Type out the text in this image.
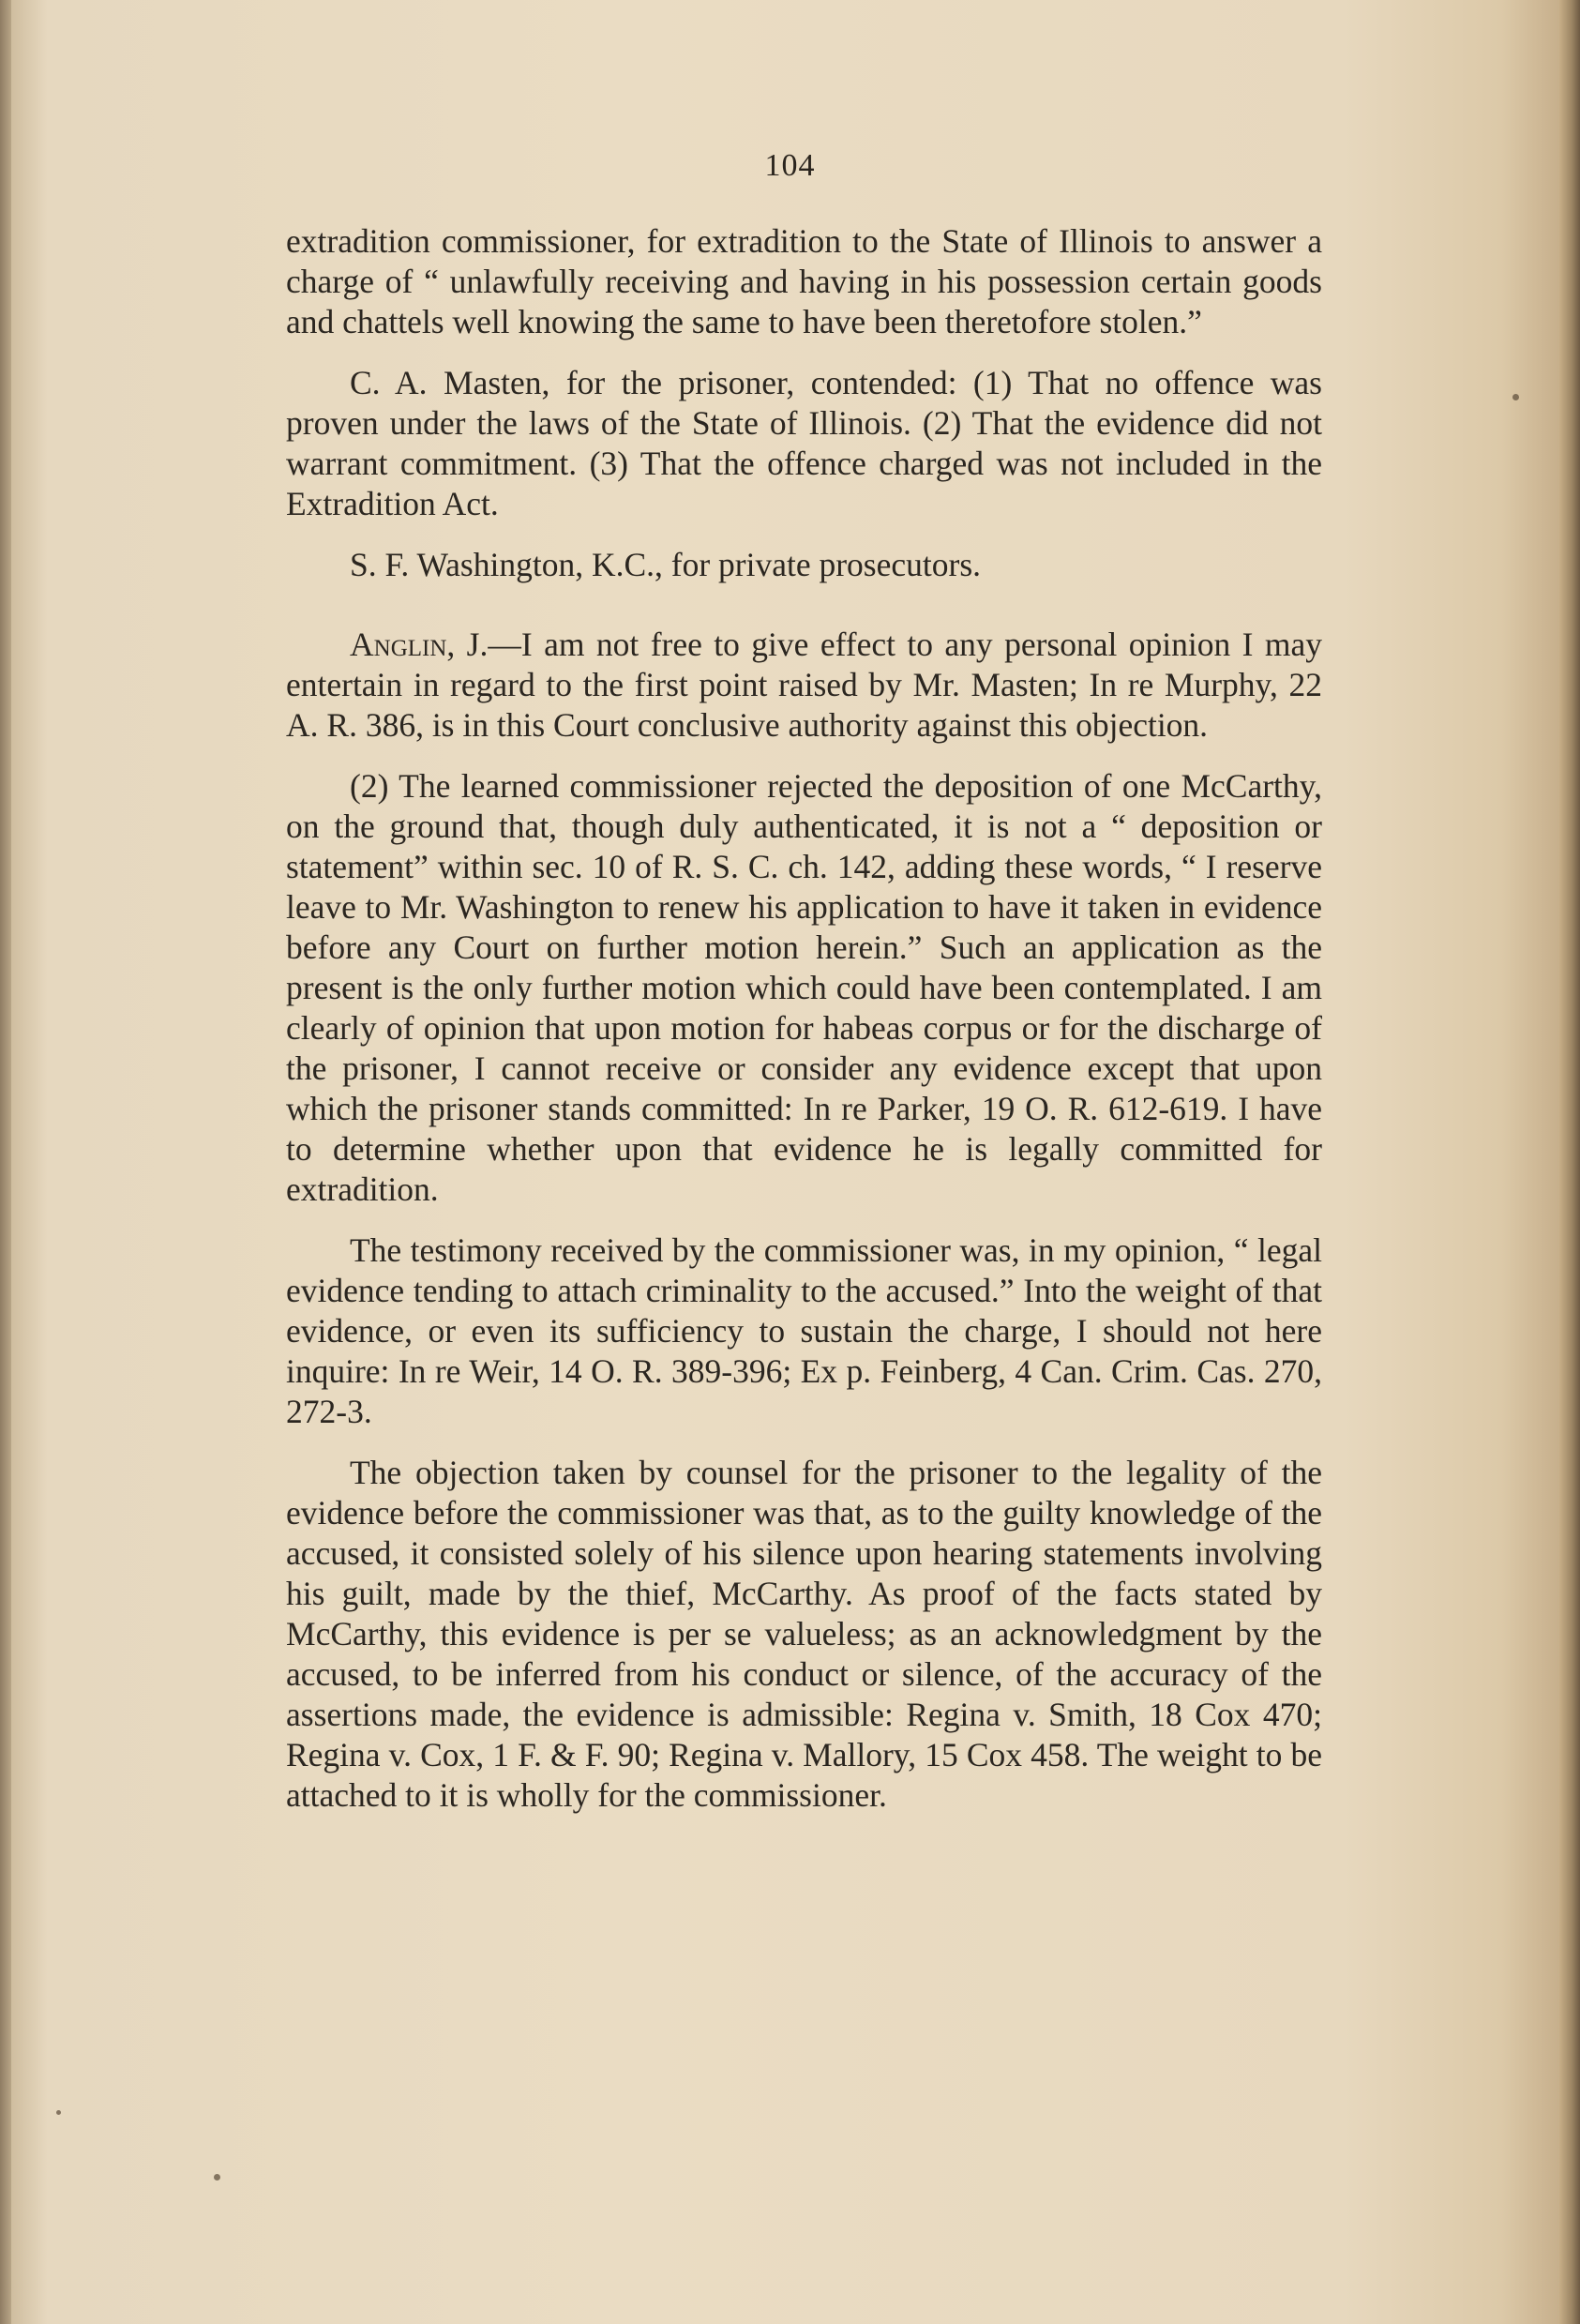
104

extradition commissioner, for extradition to the State of Illinois to answer a charge of “ unlawfully receiving and having in his possession certain goods and chattels well knowing the same to have been theretofore stolen.”

C. A. Masten, for the prisoner, contended: (1) That no offence was proven under the laws of the State of Illinois. (2) That the evidence did not warrant commitment. (3) That the offence charged was not included in the Extradition Act.

S. F. Washington, K.C., for private prosecutors.

Anglin, J.—I am not free to give effect to any personal opinion I may entertain in regard to the first point raised by Mr. Masten; In re Murphy, 22 A. R. 386, is in this Court conclusive authority against this objection.

(2) The learned commissioner rejected the deposition of one McCarthy, on the ground that, though duly authenticated, it is not a “ deposition or statement” within sec. 10 of R. S. C. ch. 142, adding these words, “ I reserve leave to Mr. Washington to renew his application to have it taken in evidence before any Court on further motion herein.” Such an application as the present is the only further motion which could have been contemplated. I am clearly of opinion that upon motion for habeas corpus or for the discharge of the prisoner, I cannot receive or consider any evidence except that upon which the prisoner stands committed: In re Parker, 19 O. R. 612-619. I have to determine whether upon that evidence he is legally committed for extradition.

The testimony received by the commissioner was, in my opinion, “ legal evidence tending to attach criminality to the accused.” Into the weight of that evidence, or even its sufficiency to sustain the charge, I should not here inquire: In re Weir, 14 O. R. 389-396; Ex p. Feinberg, 4 Can. Crim. Cas. 270, 272-3.

The objection taken by counsel for the prisoner to the legality of the evidence before the commissioner was that, as to the guilty knowledge of the accused, it consisted solely of his silence upon hearing statements involving his guilt, made by the thief, McCarthy. As proof of the facts stated by McCarthy, this evidence is per se valueless; as an acknowledgment by the accused, to be inferred from his conduct or silence, of the accuracy of the assertions made, the evidence is admissible: Regina v. Smith, 18 Cox 470; Regina v. Cox, 1 F. & F. 90; Regina v. Mallory, 15 Cox 458. The weight to be attached to it is wholly for the commissioner.
